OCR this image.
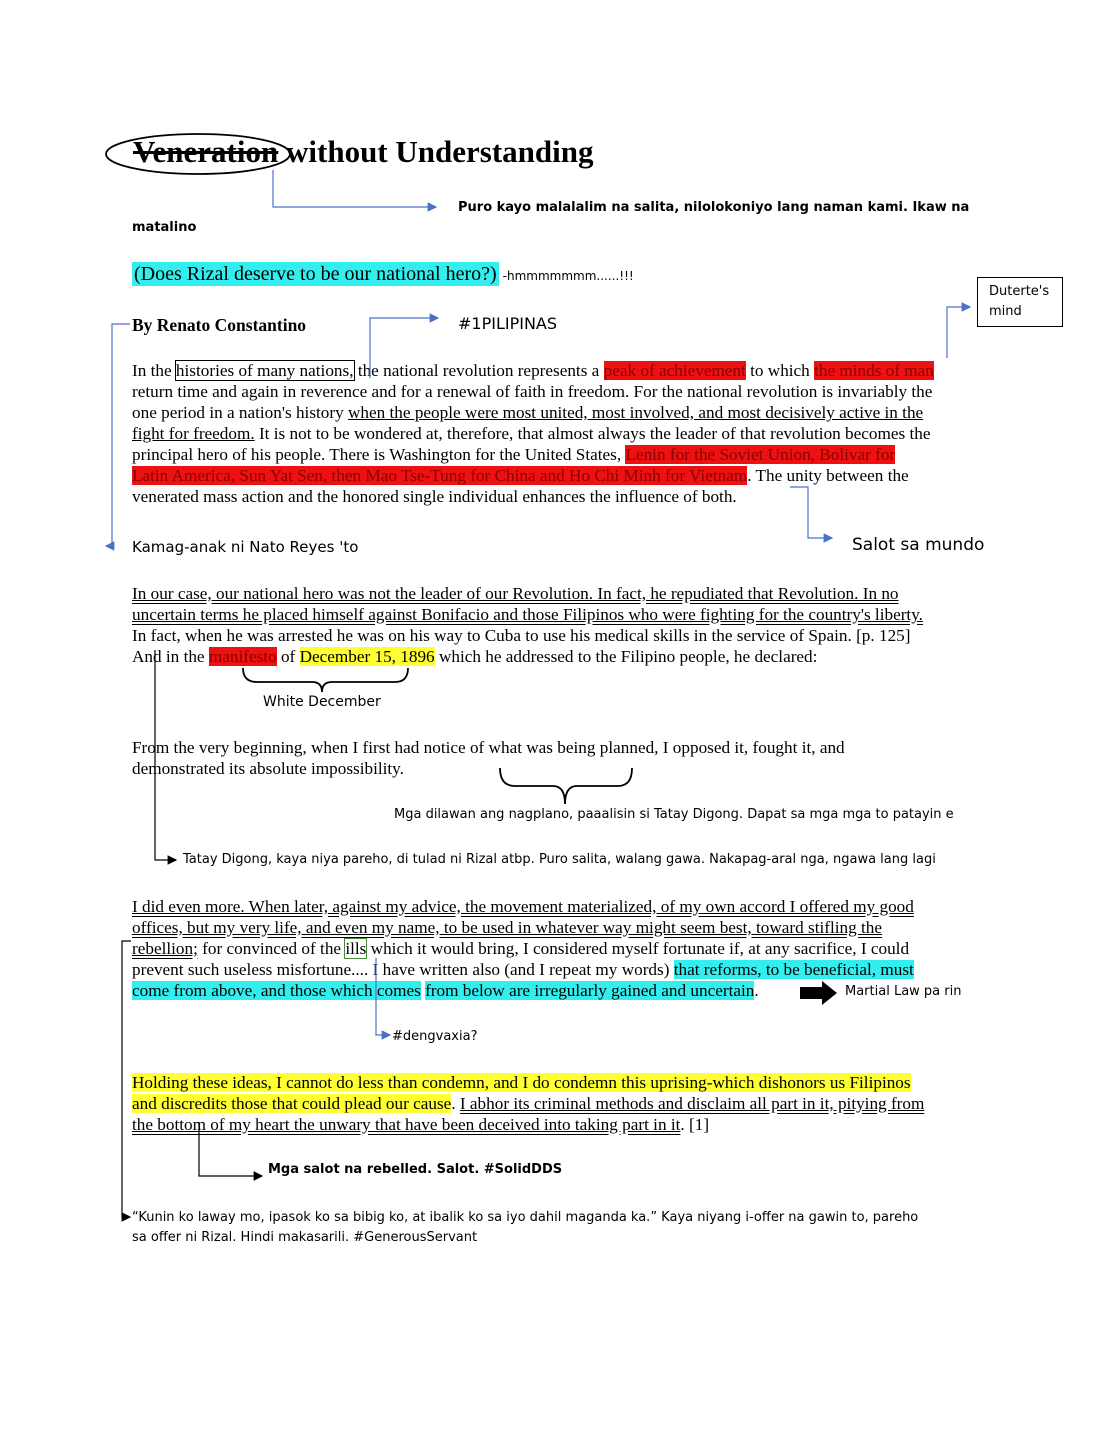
Veneration without Understanding
Puro kayo malalalim na salita, nilolokoniyo lang naman kami. Ikaw na
matalino
(Does Rizal deserve to be our national hero?) -hmmmmmmm......!!!
Duterte's mind
By Renato Constantino	#1PILIPINAS
In the histories of many nations, the national revolution represents a peak of achievement to which the minds of man
return time and again in reverence and for a renewal of faith in freedom. For the national revolution is invariably the
one period in a nation's history when the people were most united, most involved, and most decisively active in the
fight for freedom. It is not to be wondered at, therefore, that almost always the leader of that revolution becomes the
principal hero of his people. There is Washington for the United States, Lenin for the Soviet Union, Bolivar for
Latin America, Sun Yat Sen, then Mao Tse-Tung for China and Ho Chi Minh for Vietnam. The unity between the
venerated mass action and the honored single individual enhances the influence of both.
Kamag-anak ni Nato Reyes 'to	Salot sa mundo
In our case, our national hero was not the leader of our Revolution. In fact, he repudiated that Revolution. In no
uncertain terms he placed himself against Bonifacio and those Filipinos who were fighting for the country's liberty.
In fact, when he was arrested he was on his way to Cuba to use his medical skills in the service of Spain. [p. 125]
And in the manifesto of December 15, 1896 which he addressed to the Filipino people, he declared:
White December
From the very beginning, when I first had notice of what was being planned, I opposed it, fought it, and
demonstrated its absolute impossibility.
Mga dilawan ang nagplano, paaalisin si Tatay Digong. Dapat sa mga mga to patayin e
Tatay Digong, kaya niya pareho, di tulad ni Rizal atbp. Puro salita, walang gawa. Nakapag-aral nga, ngawa lang lagi
I did even more. When later, against my advice, the movement materialized, of my own accord I offered my good
offices, but my very life, and even my name, to be used in whatever way might seem best, toward stifling the
rebellion; for convinced of the ills which it would bring, I considered myself fortunate if, at any sacrifice, I could
prevent such useless misfortune.... I have written also (and I repeat my words) that reforms, to be beneficial, must
come from above, and those which comes from below are irregularly gained and uncertain.	Martial Law pa rin
#dengvaxia?
Holding these ideas, I cannot do less than condemn, and I do condemn this uprising-which dishonors us Filipinos
and discredits those that could plead our cause. I abhor its criminal methods and disclaim all part in it, pitying from
the bottom of my heart the unwary that have been deceived into taking part in it. [1]
Mga salot na rebelled. Salot. #SolidDDS
“Kunin ko laway mo, ipasok ko sa bibig ko, at ibalik ko sa iyo dahil maganda ka.” Kaya niyang i-offer na gawin to, pareho
sa offer ni Rizal. Hindi makasarili. #GenerousServant
